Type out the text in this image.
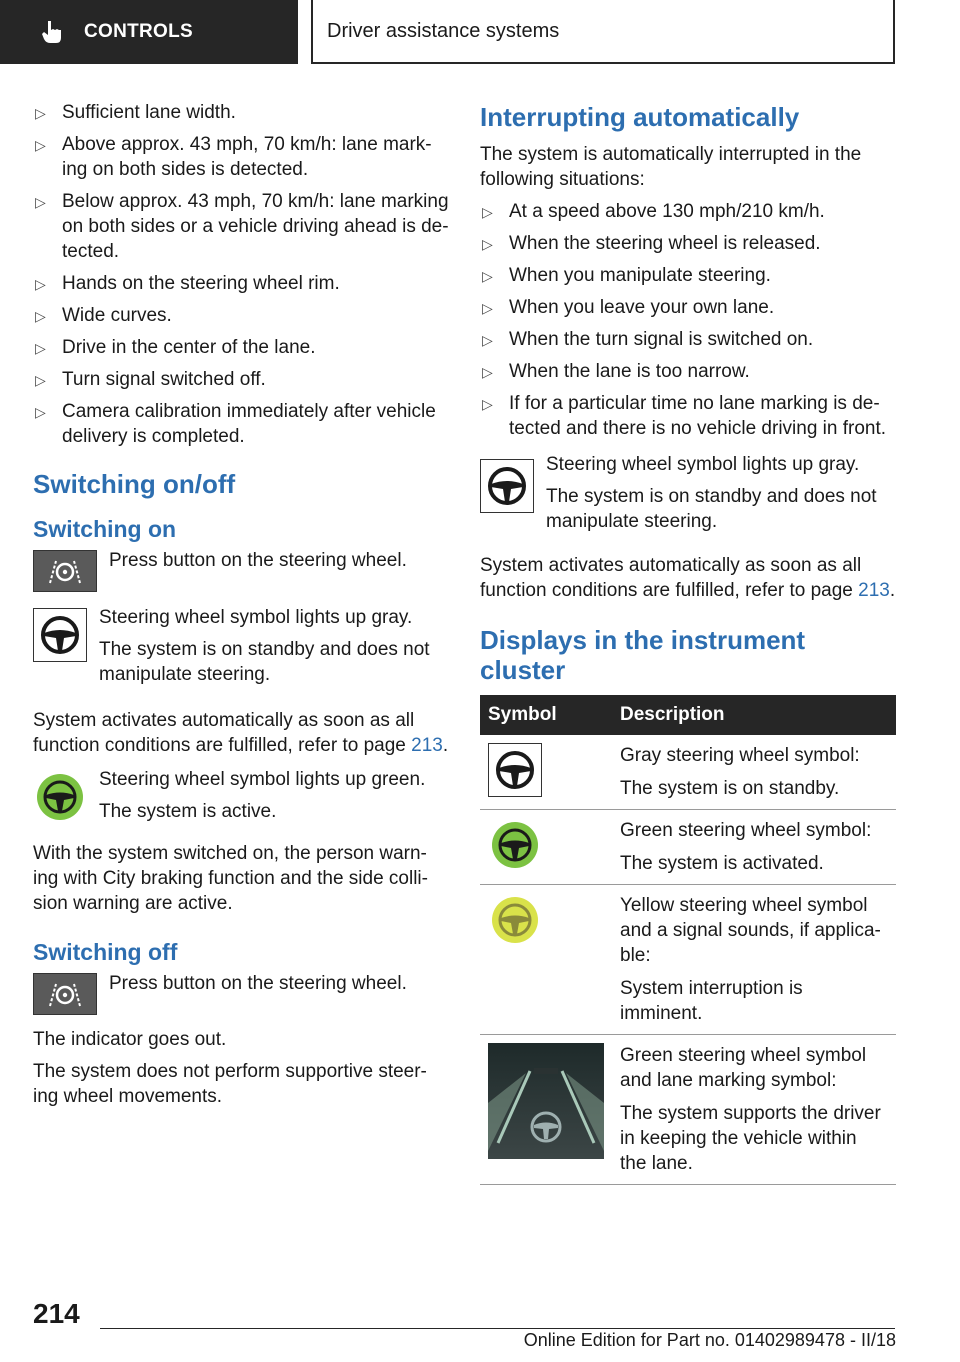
CONTROLS	Driver assistance systems
▷ Sufficient lane width.
▷ Above approx. 43 mph, 70 km/h: lane mark‐ing on both sides is detected.
▷ Below approx. 43 mph, 70 km/h: lane marking on both sides or a vehicle driving ahead is de‐tected.
▷ Hands on the steering wheel rim.
▷ Wide curves.
▷ Drive in the center of the lane.
▷ Turn signal switched off.
▷ Camera calibration immediately after vehicle delivery is completed.
Switching on/off
Switching on
Press button on the steering wheel.
Steering wheel symbol lights up gray.
The system is on standby and does not manipulate steering.
System activates automatically as soon as all function conditions are fulfilled, refer to page 213.
Steering wheel symbol lights up green.
The system is active.
With the system switched on, the person warn‐ing with City braking function and the side colli‐sion warning are active.
Switching off
Press button on the steering wheel.
The indicator goes out.
The system does not perform supportive steer‐ing wheel movements.
Interrupting automatically
The system is automatically interrupted in the following situations:
▷ At a speed above 130 mph/210 km/h.
▷ When the steering wheel is released.
▷ When you manipulate steering.
▷ When you leave your own lane.
▷ When the turn signal is switched on.
▷ When the lane is too narrow.
▷ If for a particular time no lane marking is de‐tected and there is no vehicle driving in front.
Steering wheel symbol lights up gray.
The system is on standby and does not manipulate steering.
System activates automatically as soon as all function conditions are fulfilled, refer to page 213.
Displays in the instrument cluster
Symbol	Description

Gray steering wheel symbol:

The system is on standby.

Green steering wheel symbol:

The system is activated.

Yellow steering wheel symbol and a signal sounds, if applica‐ble:

System interruption is imminent.

Green steering wheel symbol and lane marking symbol:

The system supports the driver in keeping the vehicle within the lane.

214
Online Edition for Part no. 01402989478 - II/18
